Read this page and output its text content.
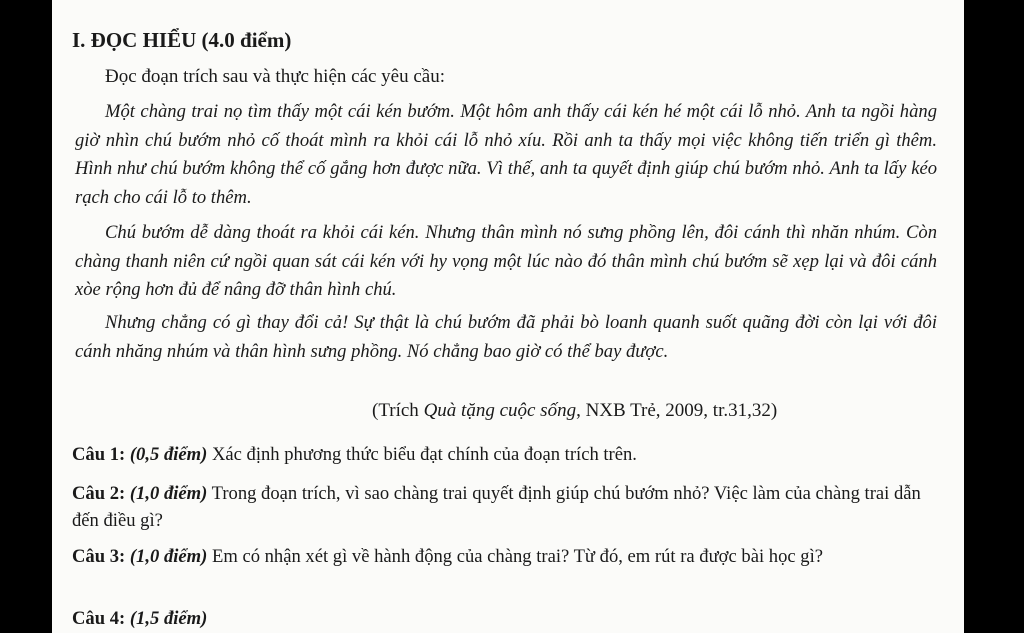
I. ĐỌC HIỂU (4.0 điểm)
Đọc đoạn trích sau và thực hiện các yêu cầu:

Một chàng trai nọ tìm thấy một cái kén bướm. Một hôm anh thấy cái kén hé một cái lỗ nhỏ. Anh ta ngồi hàng giờ nhìn chú bướm nhỏ cố thoát mình ra khỏi cái lỗ nhỏ xíu. Rồi anh ta thấy mọi việc không tiến triển gì thêm. Hình như chú bướm không thể cố gắng hơn được nữa. Vì thế, anh ta quyết định giúp chú bướm nhỏ. Anh ta lấy kéo rạch cho cái lỗ to thêm.

Chú bướm dễ dàng thoát ra khỏi cái kén. Nhưng thân mình nó sưng phồng lên, đôi cánh thì nhăn nhúm. Còn chàng thanh niên cứ ngồi quan sát cái kén với hy vọng một lúc nào đó thân mình chú bướm sẽ xẹp lại và đôi cánh xòe rộng hơn đủ để nâng đỡ thân hình chú.

Nhưng chẳng có gì thay đổi cả! Sự thật là chú bướm đã phải bò loanh quanh suốt quãng đời còn lại với đôi cánh nhăng nhúm và thân hình sưng phồng. Nó chẳng bao giờ có thể bay được.

(Trích Quà tặng cuộc sống, NXB Trẻ, 2009, tr.31,32)

Câu 1: (0,5 điểm) Xác định phương thức biểu đạt chính của đoạn trích trên.

Câu 2: (1,0 điểm) Trong đoạn trích, vì sao chàng trai quyết định giúp chú bướm nhỏ? Việc làm của chàng trai dẫn đến điều gì?

Câu 3: (1,0 điểm) Em có nhận xét gì về hành động của chàng trai? Từ đó, em rút ra được bài học gì?

Câu 4: (1,5 điểm)
